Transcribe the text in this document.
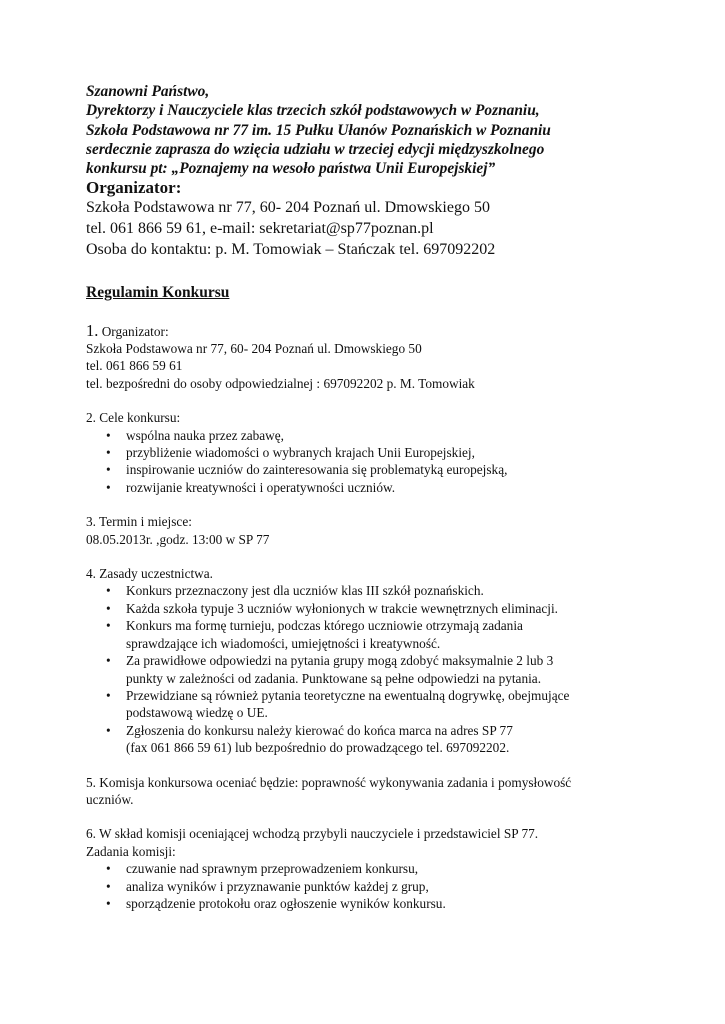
Szanowni Państwo,
Dyrektorzy i Nauczyciele klas trzecich szkół podstawowych w Poznaniu,
Szkoła Podstawowa nr 77 im. 15 Pułku Ułanów Poznańskich w Poznaniu
serdecznie zaprasza do wzięcia udziału w trzeciej edycji międzyszkolnego
konkursu pt: „Poznajemy na wesoło państwa Unii Europejskiej”
Organizator:
Szkoła Podstawowa nr 77, 60- 204 Poznań ul. Dmowskiego 50
tel. 061 866 59 61, e-mail: sekretariat@sp77poznan.pl
Osoba do kontaktu: p. M. Tomowiak – Stańczak tel. 697092202
Regulamin Konkursu
1. Organizator:
Szkoła Podstawowa nr 77, 60- 204 Poznań ul. Dmowskiego 50
tel. 061 866 59 61
tel. bezpośredni do osoby odpowiedzialnej : 697092202 p. M. Tomowiak
2. Cele konkursu:
• wspólna nauka przez zabawę,
• przybliżenie wiadomości o wybranych krajach Unii Europejskiej,
• inspirowanie uczniów do zainteresowania się problematyką europejską,
• rozwijanie kreatywności i operatywności uczniów.
3. Termin i miejsce:
08.05.2013r. ,godz. 13:00 w SP 77
4. Zasady uczestnictwa.
• Konkurs przeznaczony jest dla uczniów klas III szkół poznańskich.
• Każda szkoła typuje 3 uczniów wyłonionych w trakcie wewnętrznych eliminacji.
• Konkurs ma formę turnieju, podczas którego uczniowie otrzymają zadania
sprawdzające ich wiadomości, umiejętności i kreatywność.
• Za prawidłowe odpowiedzi na pytania grupy mogą zdobyć maksymalnie 2 lub 3
punkty w zależności od zadania. Punktowane są pełne odpowiedzi na pytania.
• Przewidziane są również pytania teoretyczne na ewentualną dogrywkę, obejmujące
podstawową wiedzę o UE.
• Zgłoszenia do konkursu należy kierować do końca marca na adres SP 77
(fax 061 866 59 61) lub bezpośrednio do prowadzącego tel. 697092202.
5. Komisja konkursowa oceniać będzie: poprawność wykonywania zadania i pomysłowość
uczniów.
6. W skład komisji oceniającej wchodzą przybyli nauczyciele i przedstawiciel SP 77.
Zadania komisji:
• czuwanie nad sprawnym przeprowadzeniem konkursu,
• analiza wyników i przyznawanie punktów każdej z grup,
• sporządzenie protokołu oraz ogłoszenie wyników konkursu.
